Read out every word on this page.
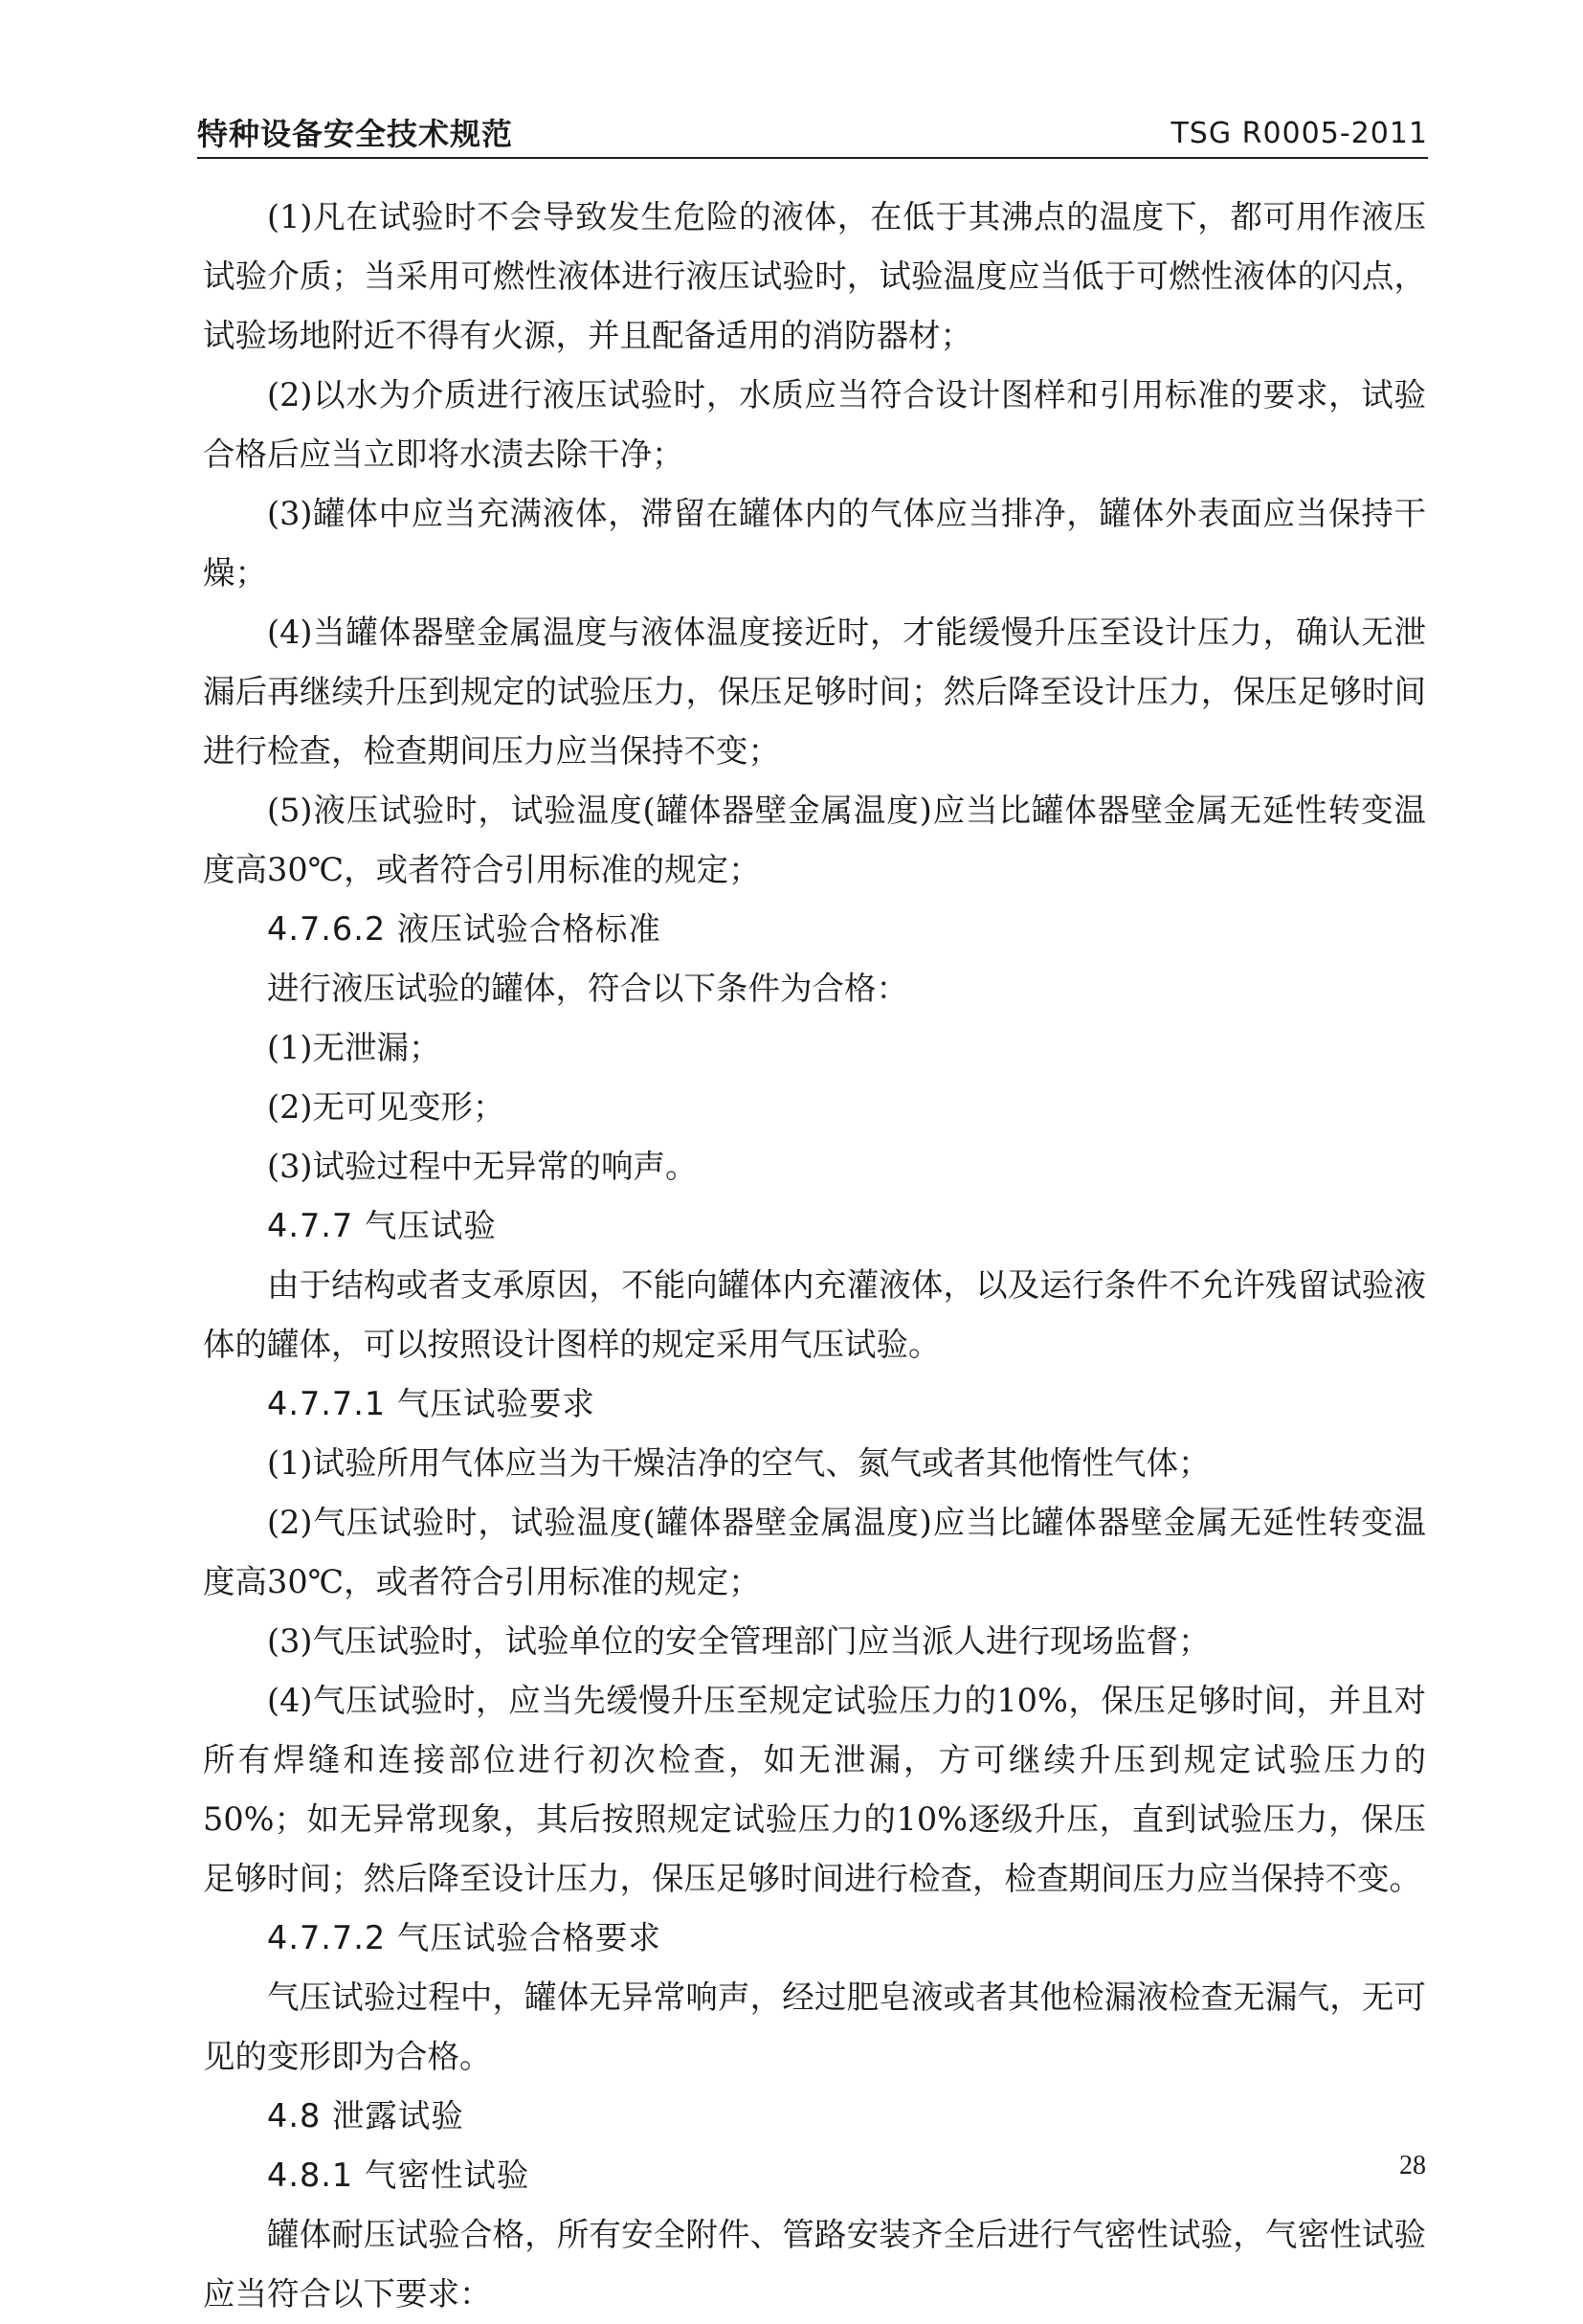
特种设备安全技术规范	TSG R0005-2011

(1)凡在试验时不会导致发生危险的液体，在低于其沸点的温度下，都可用作液压试验介质；当采用可燃性液体进行液压试验时，试验温度应当低于可燃性液体的闪点，试验场地附近不得有火源，并且配备适用的消防器材；

(2)以水为介质进行液压试验时，水质应当符合设计图样和引用标准的要求，试验合格后应当立即将水渍去除干净；

(3)罐体中应当充满液体，滞留在罐体内的气体应当排净，罐体外表面应当保持干燥；

(4)当罐体器壁金属温度与液体温度接近时，才能缓慢升压至设计压力，确认无泄漏后再继续升压到规定的试验压力，保压足够时间；然后降至设计压力，保压足够时间进行检查，检查期间压力应当保持不变；

(5)液压试验时，试验温度(罐体器壁金属温度)应当比罐体器壁金属无延性转变温度高30℃，或者符合引用标准的规定；

4.7.6.2 液压试验合格标准

进行液压试验的罐体，符合以下条件为合格：

(1)无泄漏；

(2)无可见变形；

(3)试验过程中无异常的响声。

4.7.7 气压试验

由于结构或者支承原因，不能向罐体内充灌液体，以及运行条件不允许残留试验液体的罐体，可以按照设计图样的规定采用气压试验。

4.7.7.1 气压试验要求

(1)试验所用气体应当为干燥洁净的空气、氮气或者其他惰性气体；

(2)气压试验时，试验温度(罐体器壁金属温度)应当比罐体器壁金属无延性转变温度高30℃，或者符合引用标准的规定；

(3)气压试验时，试验单位的安全管理部门应当派人进行现场监督；

(4)气压试验时，应当先缓慢升压至规定试验压力的10%，保压足够时间，并且对所有焊缝和连接部位进行初次检查，如无泄漏，方可继续升压到规定试验压力的50%；如无异常现象，其后按照规定试验压力的10%逐级升压，直到试验压力，保压足够时间；然后降至设计压力，保压足够时间进行检查，检查期间压力应当保持不变。

4.7.7.2 气压试验合格要求

气压试验过程中，罐体无异常响声，经过肥皂液或者其他检漏液检查无漏气，无可见的变形即为合格。

4.8 泄露试验

4.8.1 气密性试验

罐体耐压试验合格，所有安全附件、管路安装齐全后进行气密性试验，气密性试验应当符合以下要求：

28
